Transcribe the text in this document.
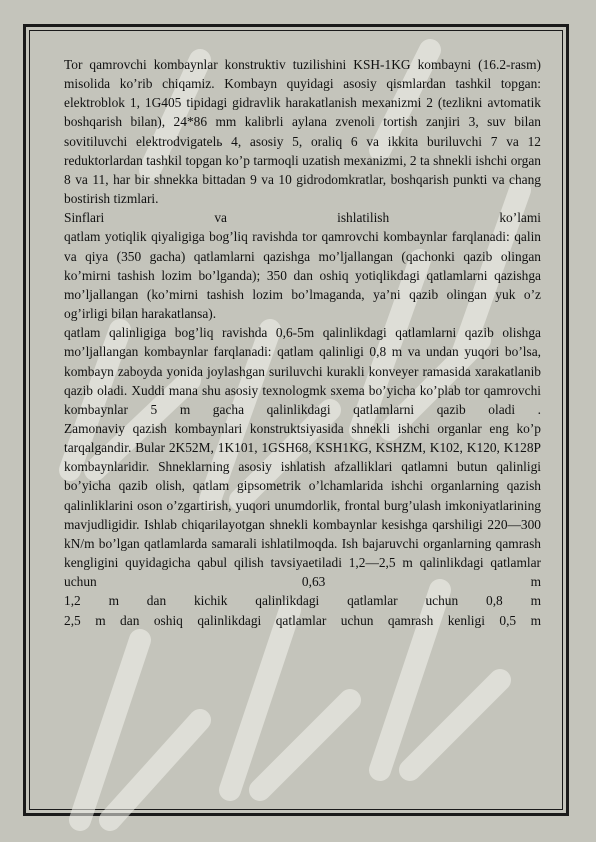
Tor qamrovchi kombaynlar konstruktiv tuzilishini KSH-1KG kombayni (16.2-rasm) misolida ko’rib chiqamiz. Kombayn quyidagi asosiy qismlardan tashkil topgan: elektroblok 1, 1G405 tipidagi gidravlik harakatlanish mexanizmi 2 (tezlikni avtomatik boshqarish bilan), 24*86 mm kalibrli aylana zvenoli tortish zanjiri 3, suv bilan sovitiluvchi elektrodvigatelь 4, asosiy 5, oraliq 6 va ikkita buriluvchi 7 va 12 reduktorlardan tashkil topgan ko’p tarmoqli uzatish mexanizmi, 2 ta shnekli ishchi organ 8 va 11, har bir shnekka bittadan 9 va 10 gidrodomkratlar, boshqarish punkti va chang bostirish tizmlari.

Sinflari va ishlatilish ko’lami

qatlam yotiqlik qiyaligiga bog’liq ravishda tor qamrovchi kombaynlar farqlanadi: qalin va qiya (350 gacha) qatlamlarni qazishga mo’ljallangan (qachonki qazib olingan ko’mirni tashish lozim bo’lganda); 350 dan oshiq yotiqlikdagi qatlamlarni qazishga mo’ljallangan (ko’mirni tashish lozim bo’lmaganda, ya’ni qazib olingan yuk o’z og’irligi bilan harakatlansa).

qatlam qalinligiga bog’liq ravishda 0,6-5m qalinlikdagi qatlamlarni qazib olishga mo’ljallangan kombaynlar farqlanadi: qatlam qalinligi 0,8 m va undan yuqori bo’lsa, kombayn zaboyda yonida joylashgan suriluvchi kurakli konveyer ramasida xarakatlanib qazib oladi. Xuddi mana shu asosiy texnologmk sxema bo’yicha ko’plab tor qamrovchi kombaynlar 5 m gacha qalinlikdagi qatlamlarni qazib oladi .

Zamonaviy qazish kombaynlari konstruktsiyasida shnekli ishchi organlar eng ko’p tarqalgandir. Bular 2K52M, 1K101, 1GSH68, KSH1KG, KSHZM, K102, K120, K128P kombaynlaridir. Shneklarning asosiy ishlatish afzalliklari qatlamni butun qalinligi bo’yicha qazib olish, qatlam gipsometrik o’lchamlarida ishchi organlarning qazish qalinliklarini oson o’zgartirish, yuqori unumdorlik, frontal burg’ulash imkoniyatlarining mavjudligidir. Ishlab chiqarilayotgan shnekli kombaynlar kesishga qarshiligi 220—300 kN/m bo’lgan qatlamlarda samarali ishlatilmoqda. Ish bajaruvchi organlarning qamrash kengligini quyidagicha qabul qilish tavsiyaetiladi 1,2—2,5 m qalinlikdagi qatlamlar uchun 0,63 m

1,2 m dan kichik qalinlikdagi qatlamlar uchun 0,8 m

2,5 m dan oshiq qalinlikdagi qatlamlar uchun qamrash kenligi 0,5 m
